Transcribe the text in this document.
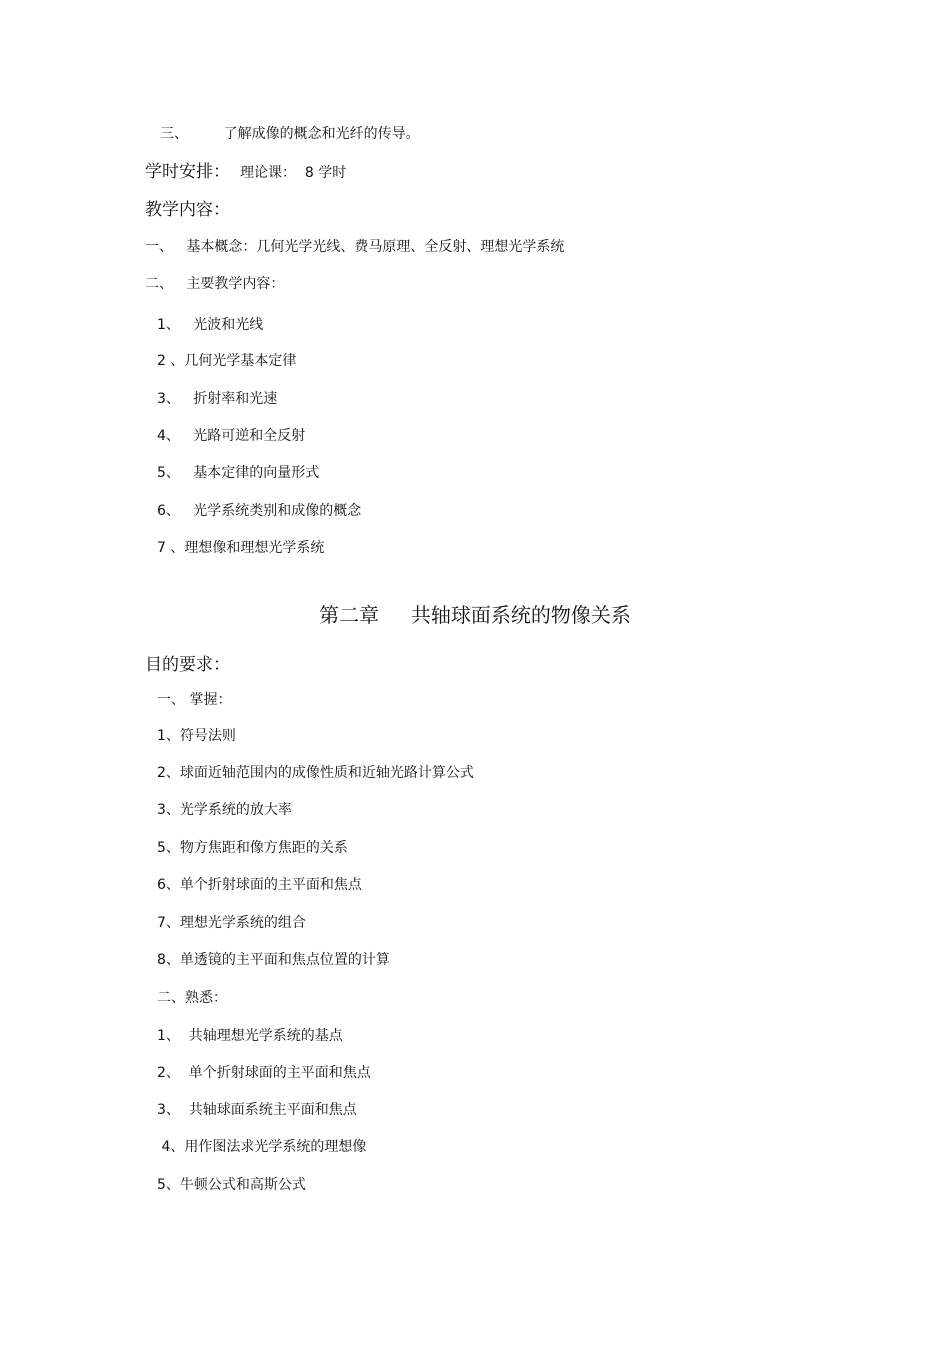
三、        了解成像的概念和光纤的传导。
学时安排： 理论课：  8 学时
教学内容：
一、   基本概念：几何光学光线、费马原理、全反射、理想光学系统
二、   主要教学内容：
1、   光波和光线
2 、几何光学基本定律
3、   折射率和光速
4、   光路可逆和全反射
5、   基本定律的向量形式
6、   光学系统类别和成像的概念
7 、理想像和理想光学系统
第二章     共轴球面系统的物像关系
目的要求：
一、 掌握：
1、符号法则
2、球面近轴范围内的成像性质和近轴光路计算公式
3、光学系统的放大率
5、物方焦距和像方焦距的关系
6、单个折射球面的主平面和焦点
7、理想光学系统的组合
8、单透镜的主平面和焦点位置的计算
二、熟悉：
1、  共轴理想光学系统的基点
2、  单个折射球面的主平面和焦点
3、  共轴球面系统主平面和焦点
4、用作图法求光学系统的理想像
5、牛顿公式和高斯公式
